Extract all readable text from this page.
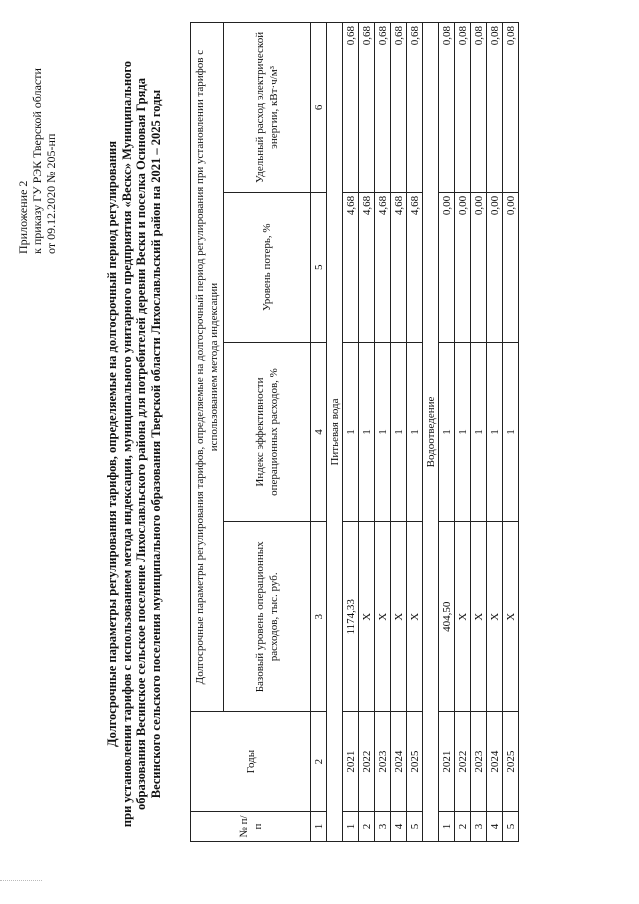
Приложение 2 к приказу ГУ РЭК Тверской области от 09.12.2020 № 205-нп	Долгосрочные параметры регулирования тарифов, определяемые на долгосрочный период регулирования при установлении тарифов с использованием метода индексации, муниципального унитарного предприятия «Вескс» Муниципального образования Весинское сельское поселение Лихославльского района для потребителей деревни Вески и поселка Осиновая Гряда Весинского сельского поселения муниципального образования Тверской области Лихославльский район на 2021 – 2025 годы
№ п/п	Годы	Долгосрочные параметры регулирования тарифов, определяемые на долгосрочный период регулирования при установлении тарифов с использованием метода индексации			
		Базовый уровень операционных расходов, тыс. руб.	Индекс эффективности операционных расходов, %	Уровень потерь, %	Удельный расход электрической энергии, кВт·ч/м³
1	2	3	4	5	6
Питьевая вода					
1	2021	1174,33	1	4,68	0,68
2	2022	X	1	4,68	0,68
3	2023	X	1	4,68	0,68
4	2024	X	1	4,68	0,68
5	2025	X	1	4,68	0,68
Водоотведение					
1	2021	404,50	1	0,00	0,08
2	2022	X	1	0,00	0,08
3	2023	X	1	0,00	0,08
4	2024	X	1	0,00	0,08
5	2025	X	1	0,00	0,08
